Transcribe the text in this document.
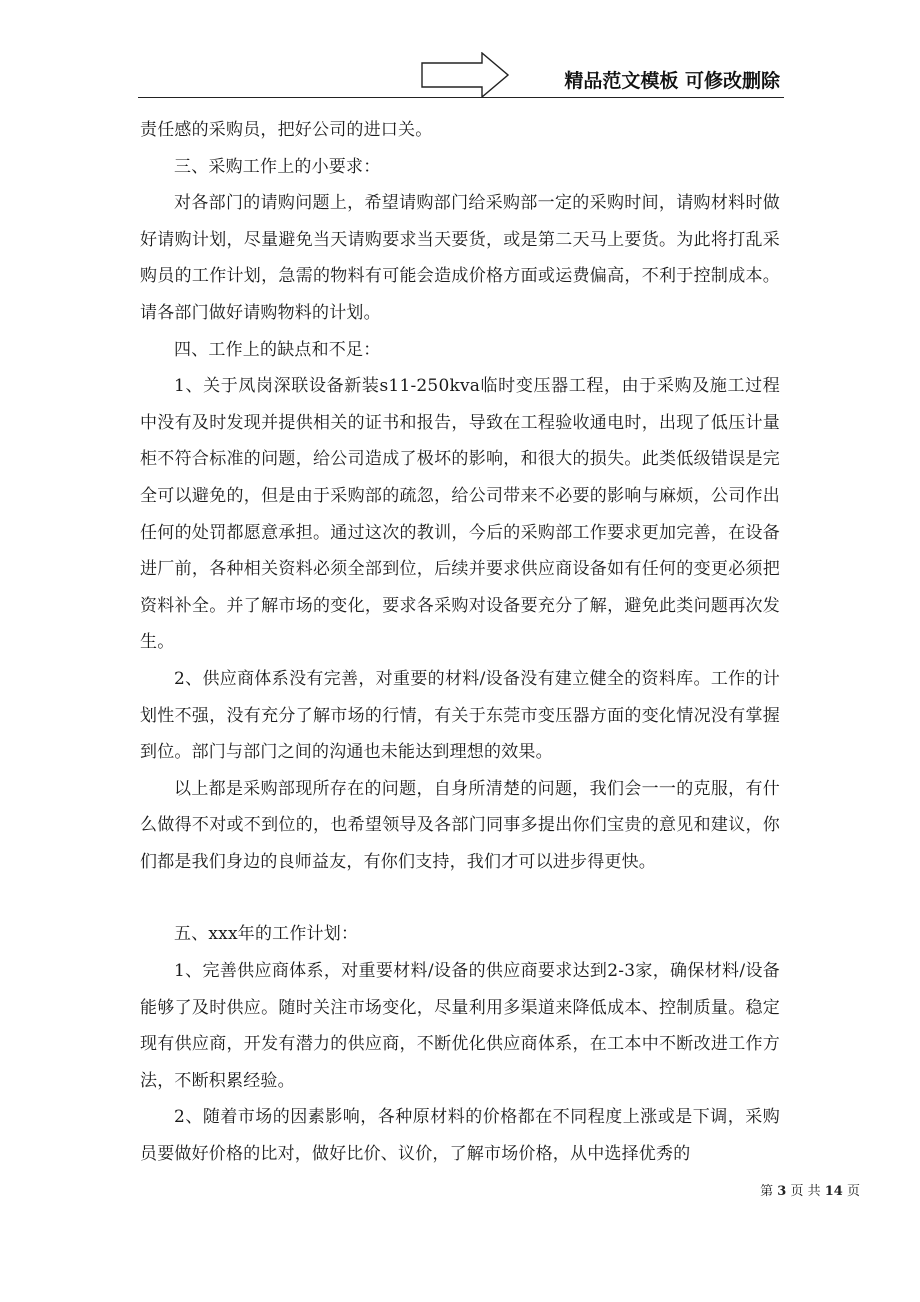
精品范文模板 可修改删除

责任感的采购员，把好公司的进口关。

三、采购工作上的小要求：

对各部门的请购问题上，希望请购部门给采购部一定的采购时间，请购材料时做好请购计划，尽量避免当天请购要求当天要货，或是第二天马上要货。为此将打乱采购员的工作计划，急需的物料有可能会造成价格方面或运费偏高，不利于控制成本。请各部门做好请购物料的计划。

四、工作上的缺点和不足：

1、关于凤岗深联设备新装s11-250kva临时变压器工程，由于采购及施工过程中没有及时发现并提供相关的证书和报告，导致在工程验收通电时，出现了低压计量柜不符合标准的问题，给公司造成了极坏的影响，和很大的损失。此类低级错误是完全可以避免的，但是由于采购部的疏忽，给公司带来不必要的影响与麻烦，公司作出任何的处罚都愿意承担。通过这次的教训，今后的采购部工作要求更加完善，在设备进厂前，各种相关资料必须全部到位，后续并要求供应商设备如有任何的变更必须把资料补全。并了解市场的变化，要求各采购对设备要充分了解，避免此类问题再次发生。

2、供应商体系没有完善，对重要的材料/设备没有建立健全的资料库。工作的计划性不强，没有充分了解市场的行情，有关于东莞市变压器方面的变化情况没有掌握到位。部门与部门之间的沟通也未能达到理想的效果。

以上都是采购部现所存在的问题，自身所清楚的问题，我们会一一的克服，有什么做得不对或不到位的，也希望领导及各部门同事多提出你们宝贵的意见和建议，你们都是我们身边的良师益友，有你们支持，我们才可以进步得更快。

五、xxx年的工作计划：

1、完善供应商体系，对重要材料/设备的供应商要求达到2-3家，确保材料/设备能够了及时供应。随时关注市场变化，尽量利用多渠道来降低成本、控制质量。稳定现有供应商，开发有潜力的供应商，不断优化供应商体系，在工本中不断改进工作方法，不断积累经验。

2、随着市场的因素影响，各种原材料的价格都在不同程度上涨或是下调，采购员要做好价格的比对，做好比价、议价，了解市场价格，从中选择优秀的

第 3 页 共 14 页
